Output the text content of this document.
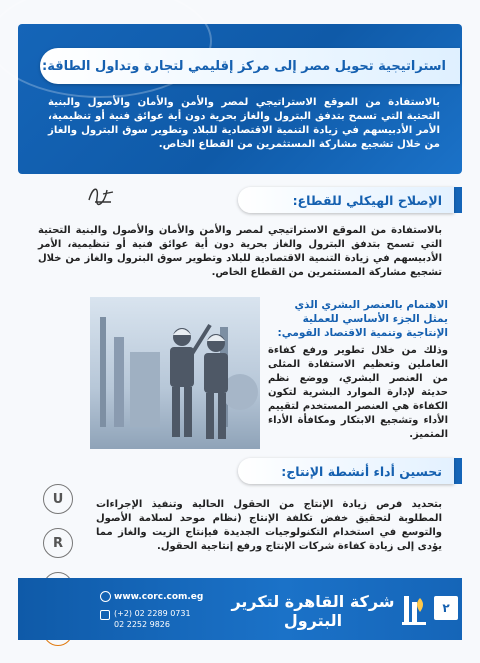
استراتيجية تحويل مصر إلى مركز إقليمي لتجارة وتداول الطاقة:
بالاستفادة من الموقع الاستراتيجي لمصر والأمن والأمان والأصول والبنية التحتية التي تسمح بتدفق البترول والغاز بحرية دون أية عوائق فنية أو تنظيمية، الأمر الأدبيسهم في زيادة التنمية الاقتصادية للبلاد وتطوير سوق البترول والغاز من خلال تشجيع مشاركة المستثمرين من القطاع الخاص.
الإصلاح الهيكلي للقطاع:
بالاستفادة من الموقع الاستراتيجي لمصر والأمن والأمان والأصول والبنية التحتية التي تسمح بتدفق البترول والغاز بحرية دون أية عوائق فنية أو تنظيمية، الأمر الأدبيسهم في زيادة التنمية الاقتصادية للبلاد وتطوير سوق البترول والغاز من خلال تشجيع مشاركة المستثمرين من القطاع الخاص.
الاهتمام بالعنصر البشري الذي يمثل الجزء الأساسي للعملية الإنتاجية وتنمية الاقتصاد القومي:
وذلك من خلال تطوير ورفع كفاءة العاملين وتعظيم الاستفادة المثلى من العنصر البشري، ووضع نظم حديثة لإدارة الموارد البشرية لتكون الكفاءة هي العنصر المستخدم لتقييم الأداء وتشجيع الابتكار ومكافأة الأداء المتميز.
تحسين أداء أنشطة الإنتاج:
بتحديد فرص زيادة الإنتاج من الحقول الحالية وتنفيذ الإجراءات المطلوبة لتحقيق خفض تكلفة الإنتاج (نظام موحد لسلامة الأصول والتوسع في استخدام التكنولوجيات الجديدة فيإنتاج الزيت والغاز مما يؤدى إلى زيادة كفاءة شركات الإنتاج ورفع إنتاجية الحقول.
U
R
www.corc.com.eg
(+2) 02 2289 0731
02 2252 9826
شركة القاهرة لتكرير البترول
٢
